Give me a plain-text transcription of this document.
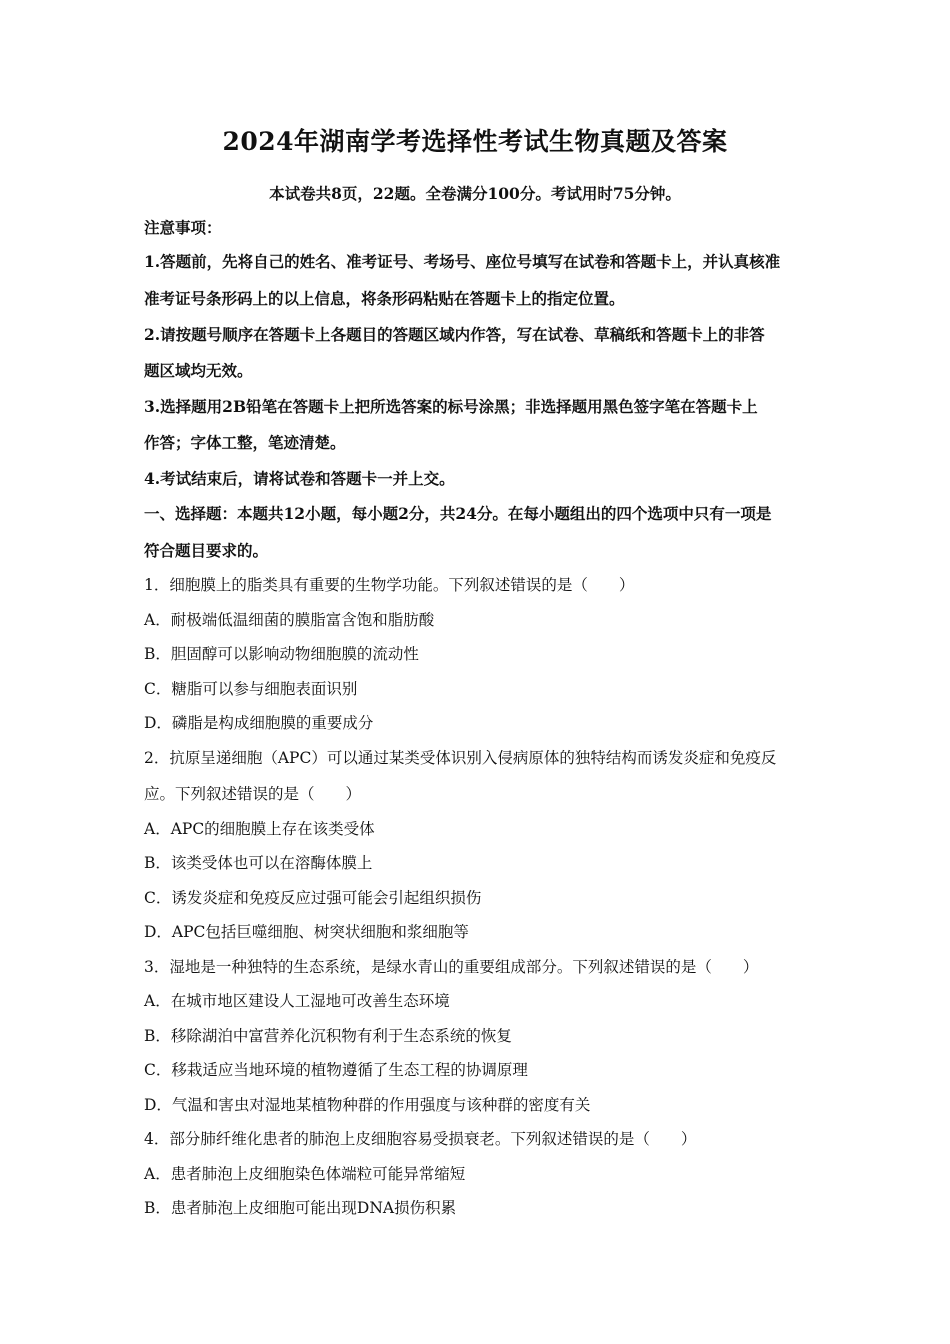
2024年湖南学考选择性考试生物真题及答案
本试卷共8页，22题。全卷满分100分。考试用时75分钟。
注意事项：
1.答题前，先将自己的姓名、准考证号、考场号、座位号填写在试卷和答题卡上，并认真核准
准考证号条形码上的以上信息，将条形码粘贴在答题卡上的指定位置。
2.请按题号顺序在答题卡上各题目的答题区域内作答，写在试卷、草稿纸和答题卡上的非答
题区域均无效。
3.选择题用2B铅笔在答题卡上把所选答案的标号涂黑；非选择题用黑色签字笔在答题卡上
作答；字体工整，笔迹清楚。
4.考试结束后，请将试卷和答题卡一并上交。
一、选择题：本题共12小题，每小题2分，共24分。在每小题组出的四个选项中只有一项是
符合题目要求的。
1．细胞膜上的脂类具有重要的生物学功能。下列叙述错误的是（　　）
A．耐极端低温细菌的膜脂富含饱和脂肪酸
B．胆固醇可以影响动物细胞膜的流动性
C．糖脂可以参与细胞表面识别
D．磷脂是构成细胞膜的重要成分
2．抗原呈递细胞（APC）可以通过某类受体识别入侵病原体的独特结构而诱发炎症和免疫反
应。下列叙述错误的是（　　）
A．APC的细胞膜上存在该类受体
B．该类受体也可以在溶酶体膜上
C．诱发炎症和免疫反应过强可能会引起组织损伤
D．APC包括巨噬细胞、树突状细胞和浆细胞等
3．湿地是一种独特的生态系统，是绿水青山的重要组成部分。下列叙述错误的是（　　）
A．在城市地区建设人工湿地可改善生态环境
B．移除湖泊中富营养化沉积物有利于生态系统的恢复
C．移栽适应当地环境的植物遵循了生态工程的协调原理
D．气温和害虫对湿地某植物种群的作用强度与该种群的密度有关
4．部分肺纤维化患者的肺泡上皮细胞容易受损衰老。下列叙述错误的是（　　）
A．患者肺泡上皮细胞染色体端粒可能异常缩短
B．患者肺泡上皮细胞可能出现DNA损伤积累
